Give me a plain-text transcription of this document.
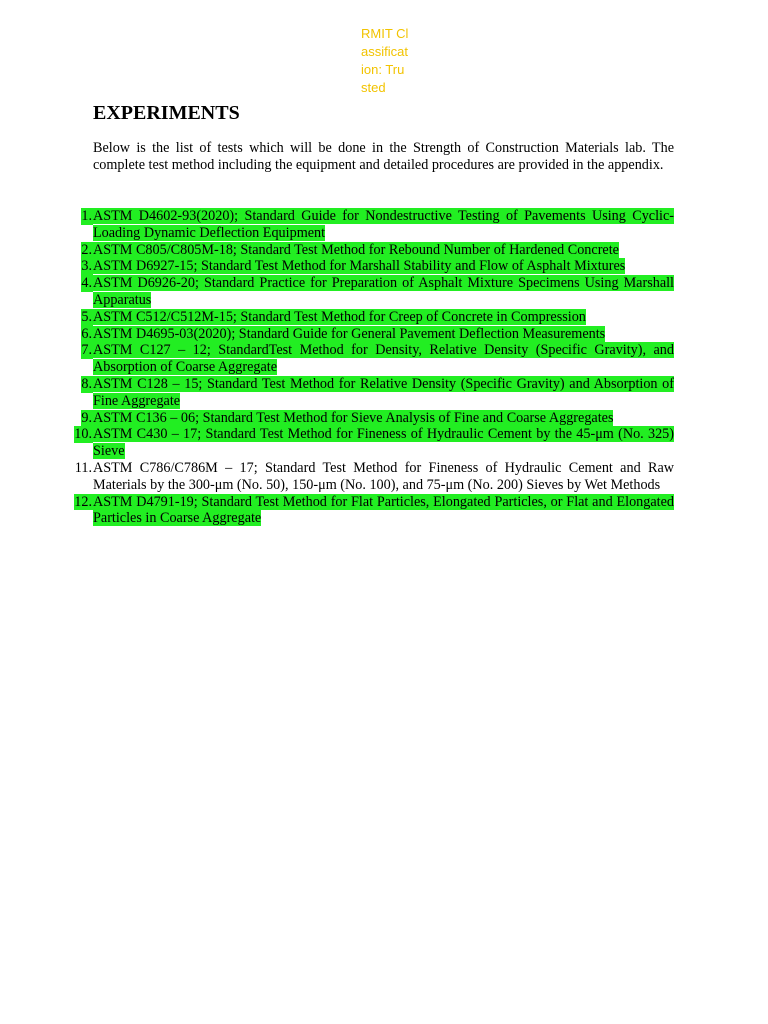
RMIT Classification: Trusted
EXPERIMENTS

Below is the list of tests which will be done in the Strength of Construction Materials lab. The complete test method including the equipment and detailed procedures are provided in the appendix.

1. ASTM D4602-93(2020); Standard Guide for Nondestructive Testing of Pavements Using Cyclic-Loading Dynamic Deflection Equipment
2. ASTM C805/C805M-18; Standard Test Method for Rebound Number of Hardened Concrete
3. ASTM D6927-15; Standard Test Method for Marshall Stability and Flow of Asphalt Mixtures
4. ASTM D6926-20; Standard Practice for Preparation of Asphalt Mixture Specimens Using Marshall Apparatus
5. ASTM C512/C512M-15; Standard Test Method for Creep of Concrete in Compression
6. ASTM D4695-03(2020); Standard Guide for General Pavement Deflection Measurements
7. ASTM C127 – 12; StandardTest Method for Density, Relative Density (Specific Gravity), and Absorption of Coarse Aggregate
8. ASTM C128 – 15; Standard Test Method for Relative Density (Specific Gravity) and Absorption of Fine Aggregate
9. ASTM C136 – 06; Standard Test Method for Sieve Analysis of Fine and Coarse Aggregates
10. ASTM C430 – 17; Standard Test Method for Fineness of Hydraulic Cement by the 45-μm (No. 325) Sieve
11. ASTM C786/C786M – 17; Standard Test Method for Fineness of Hydraulic Cement and Raw Materials by the 300-μm (No. 50), 150-μm (No. 100), and 75-μm (No. 200) Sieves by Wet Methods
12. ASTM D4791-19; Standard Test Method for Flat Particles, Elongated Particles, or Flat and Elongated Particles in Coarse Aggregate
